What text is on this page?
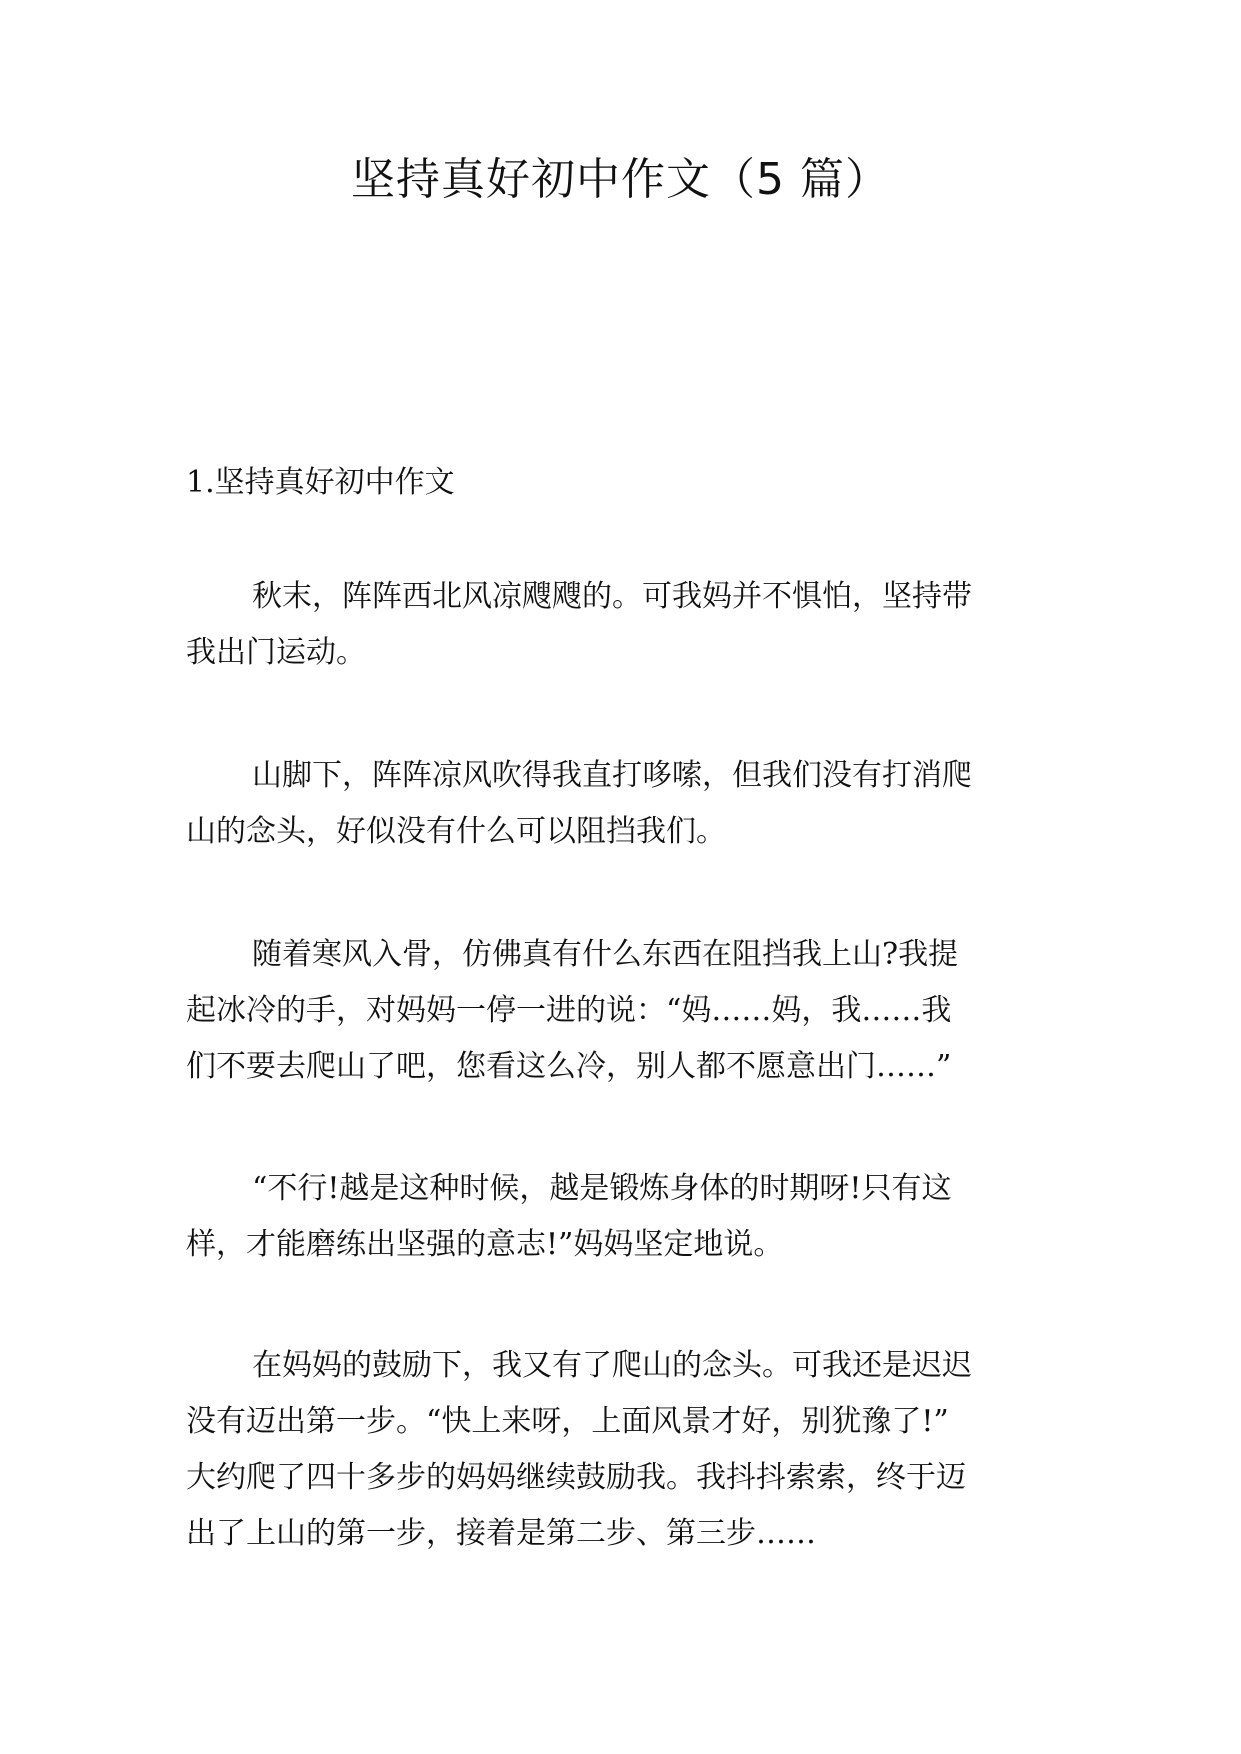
坚持真好初中作文（5 篇）
1.坚持真好初中作文

秋末，阵阵西北风凉飕飕的。可我妈并不惧怕，坚持带
我出门运动。

山脚下，阵阵凉风吹得我直打哆嗦，但我们没有打消爬
山的念头，好似没有什么可以阻挡我们。

随着寒风入骨，仿佛真有什么东西在阻挡我上山?我提
起冰冷的手，对妈妈一停一进的说：“妈……妈，我……我
们不要去爬山了吧，您看这么冷，别人都不愿意出门……”

“不行!越是这种时候，越是锻炼身体的时期呀!只有这
样，才能磨练出坚强的意志!”妈妈坚定地说。

在妈妈的鼓励下，我又有了爬山的念头。可我还是迟迟
没有迈出第一步。“快上来呀，上面风景才好，别犹豫了!”
大约爬了四十多步的妈妈继续鼓励我。我抖抖索索，终于迈
出了上山的第一步，接着是第二步、第三步……
